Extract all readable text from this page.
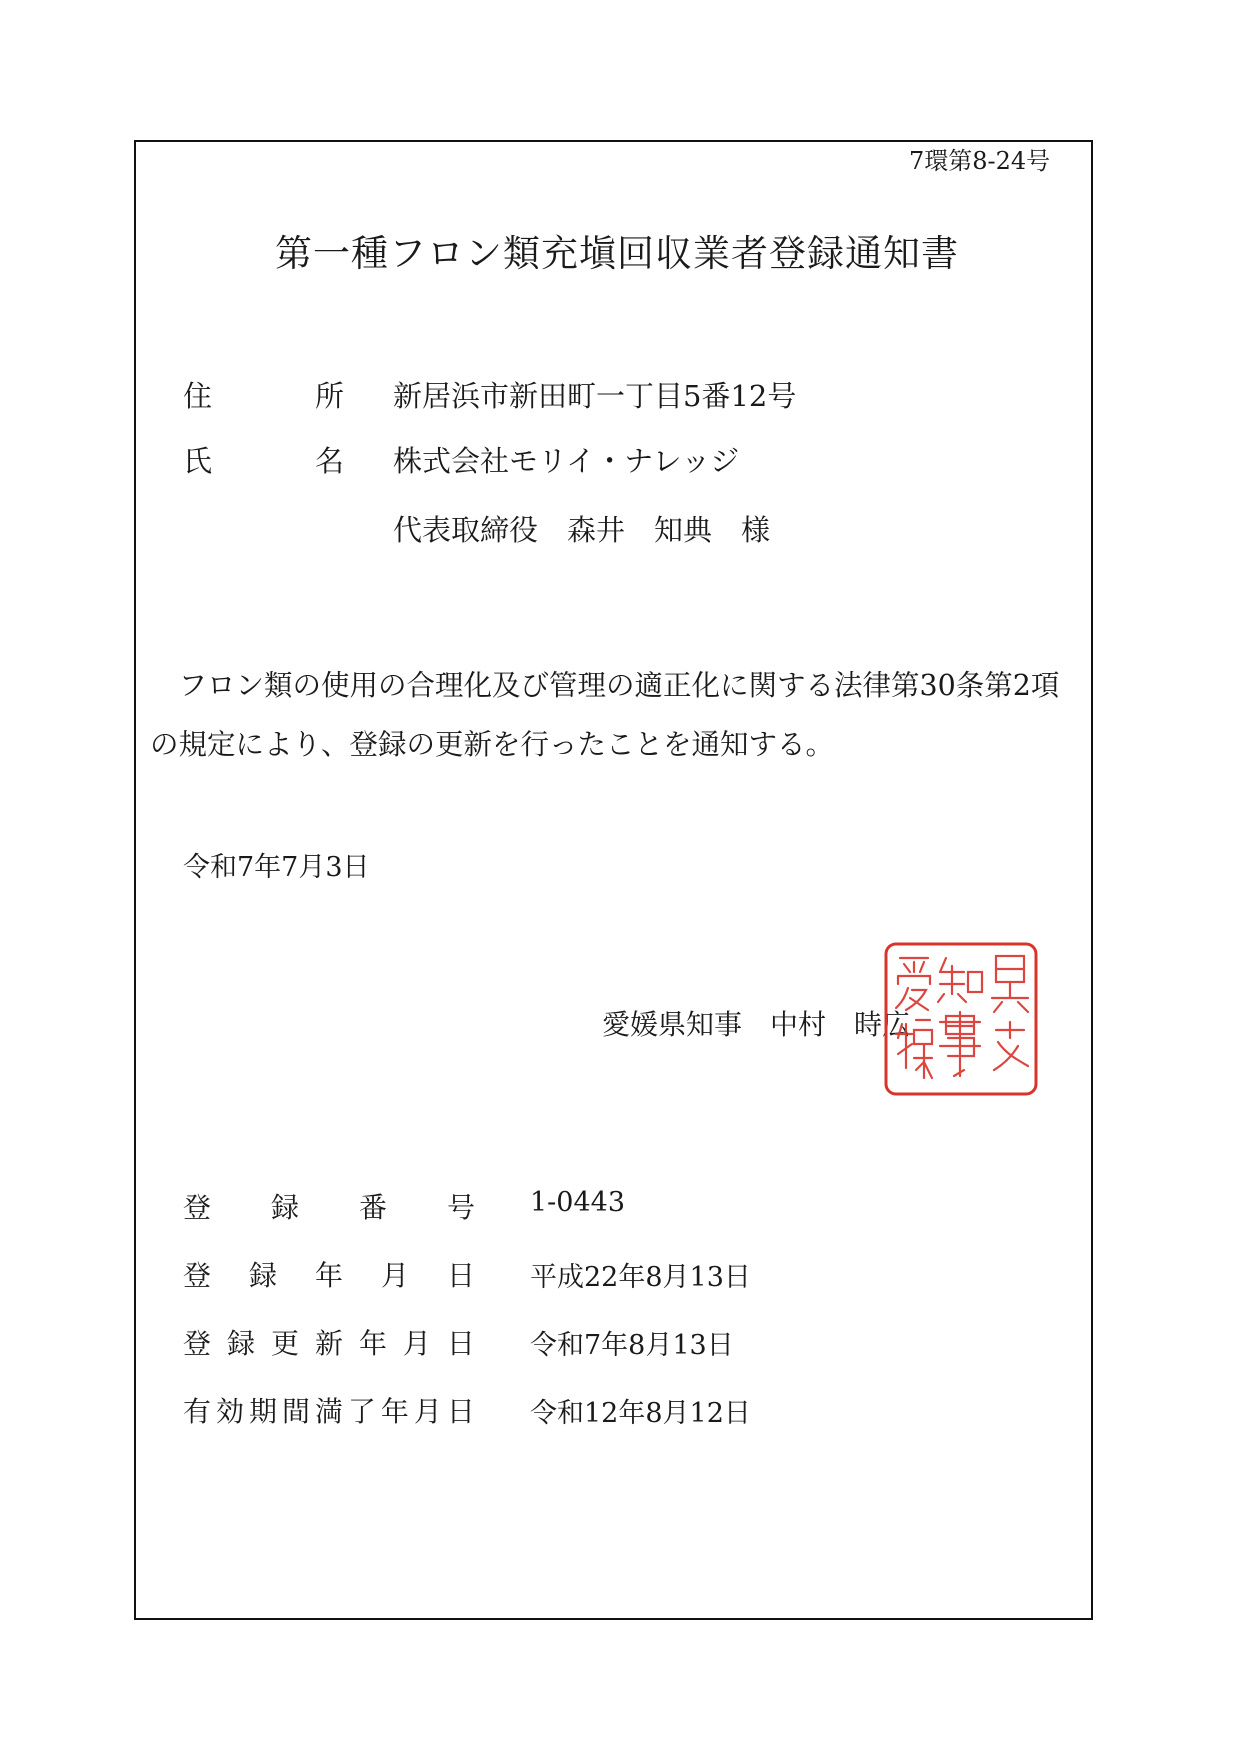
7環第8-24号
第一種フロン類充塡回収業者登録通知書
住	所 新居浜市新田町一丁目5番12号
氏	名 株式会社モリイ・ナレッジ
代表取締役　森井　知典　様
フロン類の使用の合理化及び管理の適正化に関する法律第30条第2項の規定により、登録の更新を行ったことを通知する。
令和7年7月3日
愛媛県知事　中村　時広
登 録 番 号 1-0443
登 録 年 月 日 平成22年8月13日
登 録 更 新 年 月 日 令和7年8月13日
有 効 期 間 満 了 年 月 日 令和12年8月12日
